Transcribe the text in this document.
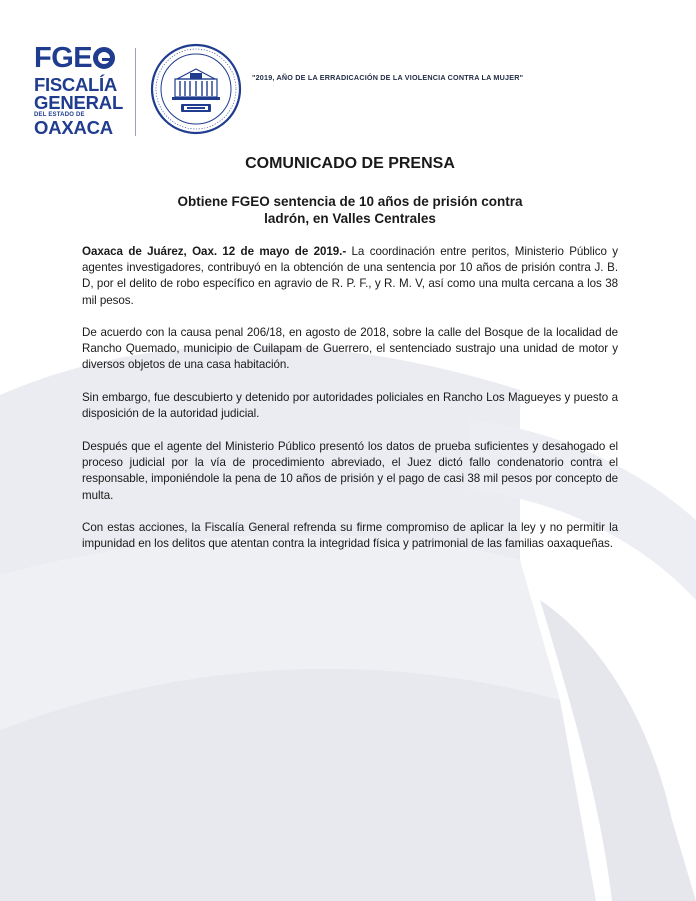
FGE
FISCALÍA
GENERAL
DEL ESTADO DE
OAXACA
"2019, AÑO DE LA ERRADICACIÓN DE LA VIOLENCIA CONTRA LA MUJER"
COMUNICADO DE PRENSA
Obtiene FGEO sentencia de 10 años de prisión contra
ladrón, en Valles Centrales

Oaxaca de Juárez, Oax. 12 de mayo de 2019.- La coordinación entre peritos, Ministerio Público y agentes investigadores, contribuyó en la obtención de una sentencia por 10 años de prisión contra J. B. D, por el delito de robo específico en agravio de R. P. F., y R. M. V, así como una multa cercana a los 38 mil pesos.

De acuerdo con la causa penal 206/18, en agosto de 2018, sobre la calle del Bosque de la localidad de Rancho Quemado, municipio de Cuilapam de Guerrero, el sentenciado sustrajo una unidad de motor y diversos objetos de una casa habitación.

Sin embargo, fue descubierto y detenido por autoridades policiales en Rancho Los Magueyes y puesto a disposición de la autoridad judicial.

Después que el agente del Ministerio Público presentó los datos de prueba suficientes y desahogado el proceso judicial por la vía de procedimiento abreviado, el Juez dictó fallo condenatorio contra el responsable, imponiéndole la pena de 10 años de prisión y el pago de casi 38 mil pesos por concepto de multa.

Con estas acciones, la Fiscalía General refrenda su firme compromiso de aplicar la ley y no permitir la impunidad en los delitos que atentan contra la integridad física y patrimonial de las familias oaxaqueñas.
